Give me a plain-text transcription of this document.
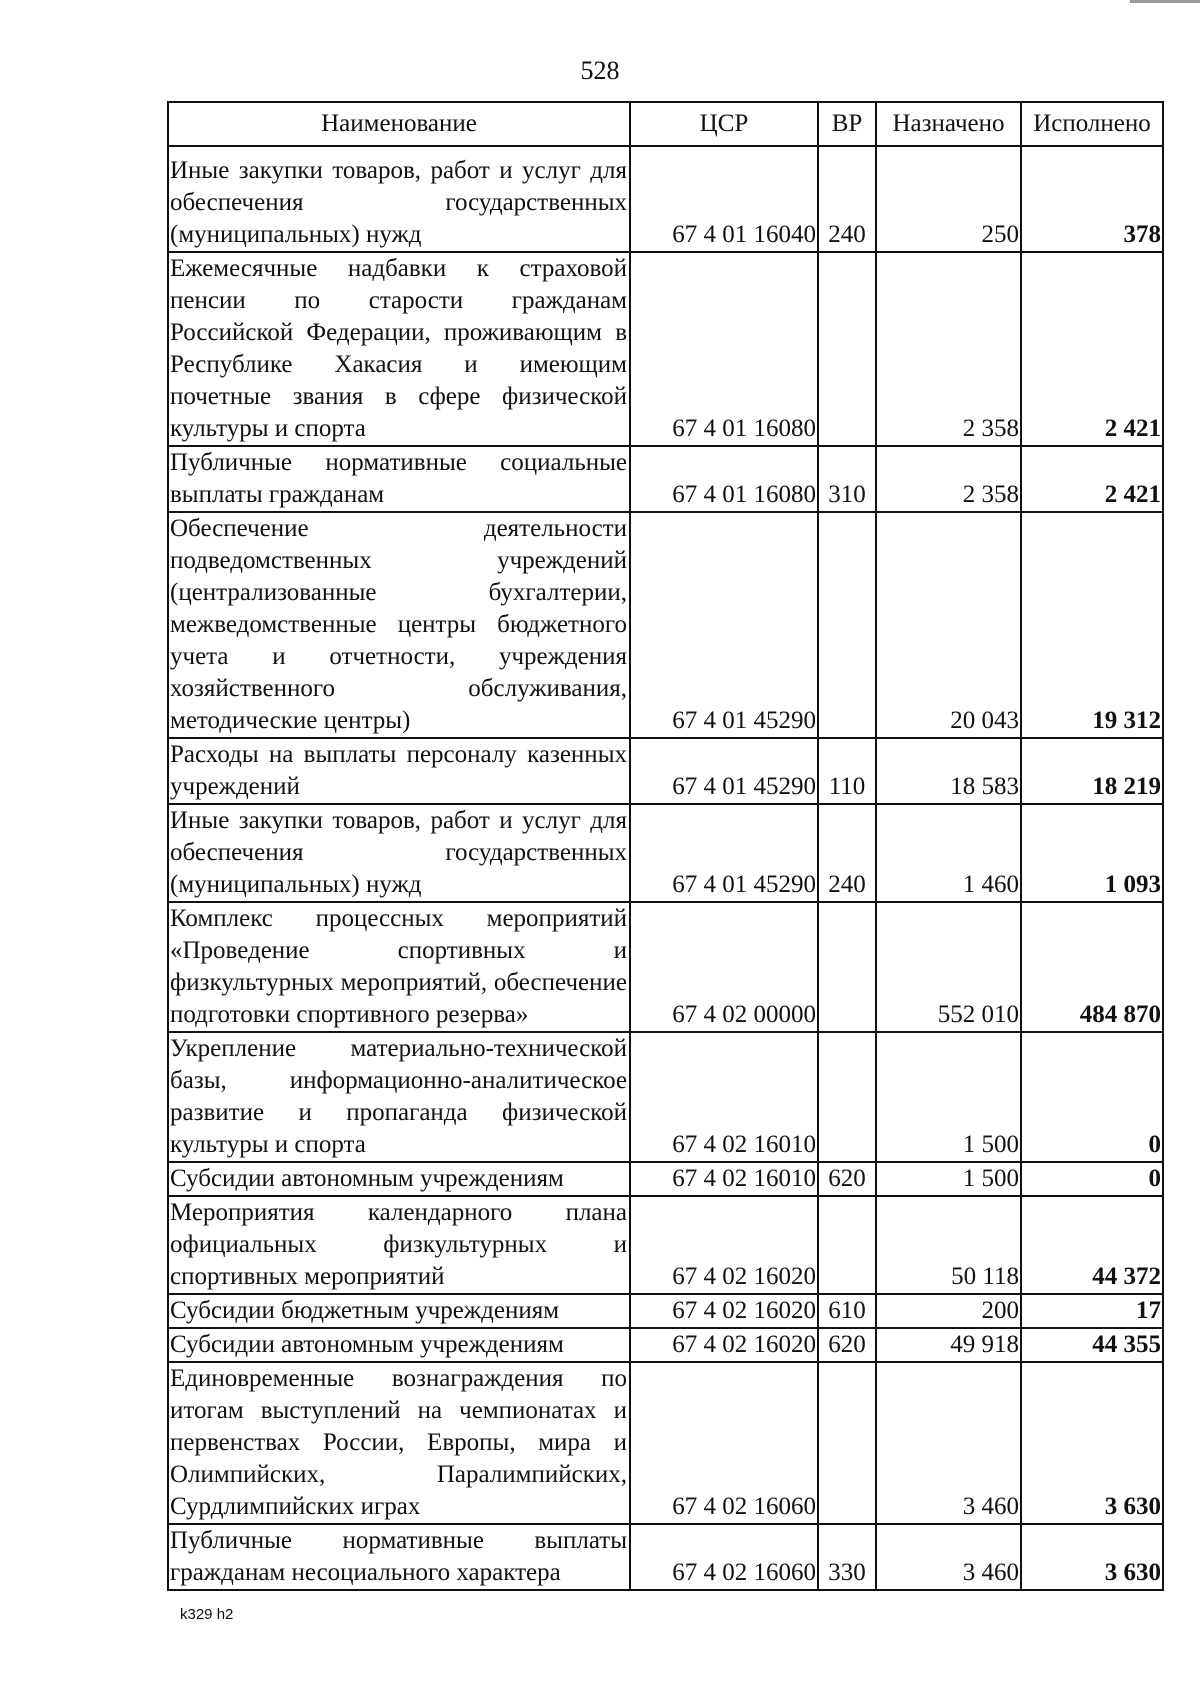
528
Наименование	ЦСР	ВР	Назначено	Исполнено
Иные закупки товаров, работ и услуг для обеспечения государственных (муниципальных) нужд	67 4 01 16040	240	250	378
Ежемесячные надбавки к страховой пенсии по старости гражданам Российской Федерации, проживающим в Республике Хакасия и имеющим почетные звания в сфере физической культуры и спорта	67 4 01 16080		2 358	2 421
Публичные нормативные социальные выплаты гражданам	67 4 01 16080	310	2 358	2 421
Обеспечение деятельности подведомственных учреждений (централизованные бухгалтерии, межведомственные центры бюджетного учета и отчетности, учреждения хозяйственного обслуживания, методические центры)	67 4 01 45290		20 043	19 312
Расходы на выплаты персоналу казенных учреждений	67 4 01 45290	110	18 583	18 219
Иные закупки товаров, работ и услуг для обеспечения государственных (муниципальных) нужд	67 4 01 45290	240	1 460	1 093
Комплекс процессных мероприятий «Проведение спортивных и физкультурных мероприятий, обеспечение подготовки спортивного резерва»	67 4 02 00000		552 010	484 870
Укрепление материально-технической базы, информационно-аналитическое развитие и пропаганда физической культуры и спорта	67 4 02 16010		1 500	0
Субсидии автономным учреждениям	67 4 02 16010	620	1 500	0
Мероприятия календарного плана официальных физкультурных и спортивных мероприятий	67 4 02 16020		50 118	44 372
Субсидии бюджетным учреждениям	67 4 02 16020	610	200	17
Субсидии автономным учреждениям	67 4 02 16020	620	49 918	44 355
Единовременные вознаграждения по итогам выступлений на чемпионатах и первенствах России, Европы, мира и Олимпийских, Паралимпийских, Сурдлимпийских играх	67 4 02 16060		3 460	3 630
Публичные нормативные выплаты гражданам несоциального характера	67 4 02 16060	330	3 460	3 630
k329 h2
